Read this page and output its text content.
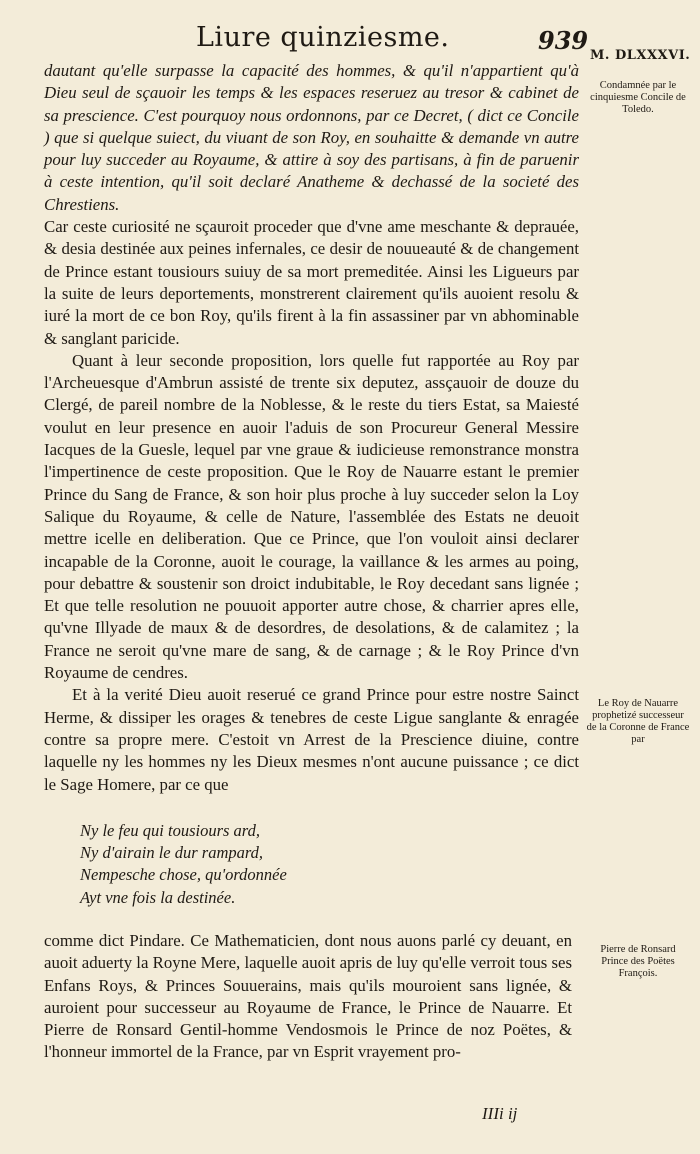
Liure quinziesme.	939
M. DLXXXVI.

dautant qu'elle surpasse la capacité des hommes, & qu'il n'appartient qu'à Dieu seul de sçauoir les temps & les espaces reseruez au tresor & cabinet de sa prescience. C'est pourquoy nous ordonnons, par ce Decret, ( dict ce Concile ) que si quelque suiect, du viuant de son Roy, en souhaitte & demande vn autre pour luy succeder au Royaume, & attire à soy des partisans, à fin de paruenir à ceste intention, qu'il soit declaré Anatheme & dechassé de la societé des Chrestiens.

Car ceste curiosité ne sçauroit proceder que d'vne ame meschante & deprauée, & desia destinée aux peines infernales, ce desir de nouueauté & de changement de Prince estant tousiours suiuy de sa mort premeditée. Ainsi les Ligueurs par la suite de leurs deportements, monstrerent clairement qu'ils auoient resolu & iuré la mort de ce bon Roy, qu'ils firent à la fin assassiner par vn abhominable & sanglant paricide.

Quant à leur seconde proposition, lors quelle fut rapportée au Roy par l'Archeuesque d'Ambrun assisté de trente six deputez, assçauoir de douze du Clergé, de pareil nombre de la Noblesse, & le reste du tiers Estat, sa Maiesté voulut en leur presence en auoir l'aduis de son Procureur General Messire Iacques de la Guesle, lequel par vne graue & iudicieuse remonstrance monstra l'impertinence de ceste proposition. Que le Roy de Nauarre estant le premier Prince du Sang de France, & son hoir plus proche à luy succeder selon la Loy Salique du Royaume, & celle de Nature, l'assemblée des Estats ne deuoit mettre icelle en deliberation. Que ce Prince, que l'on vouloit ainsi declarer incapable de la Coronne, auoit le courage, la vaillance & les armes au poing, pour debattre & soustenir son droict indubitable, le Roy decedant sans lignée ; Et que telle resolution ne pouuoit apporter autre chose, & charrier apres elle, qu'vne Illyade de maux & de desordres, de desolations, & de calamitez ; la France ne seroit qu'vne mare de sang, & de carnage ; & le Roy Prince d'vn Royaume de cendres.

Et à la verité Dieu auoit reserué ce grand Prince pour estre nostre Sainct Herme, & dissiper les orages & tenebres de ceste Ligue sanglante & enragée contre sa propre mere. C'estoit vn Arrest de la Prescience diuine, contre laquelle ny les hommes ny les Dieux mesmes n'ont aucune puissance ; ce dict le Sage Homere, par ce que

Ny le feu qui tousiours ard,
Ny d'airain le dur rampard,
Nempesche chose, qu'ordonnée
Ayt vne fois la destinée.

comme dict Pindare. Ce Mathematicien, dont nous auons parlé cy deuant, en auoit aduerty la Royne Mere, laquelle auoit apris de luy qu'elle verroit tous ses Enfans Roys, & Princes Souuerains, mais qu'ils mouroient sans lignée, & auroient pour successeur au Royaume de France, le Prince de Nauarre. Et Pierre de Ronsard Gentil-homme Vendosmois le Prince de noz Poëtes, & l'honneur immortel de la France, par vn Esprit vrayement pro-

Condamnée par le cinquiesme Concile de Toledo.
Le Roy de Nauarre prophetizé successeur de la Coronne de France par
Pierre de Ronsard Prince des Poëtes François.
IIIi ij
